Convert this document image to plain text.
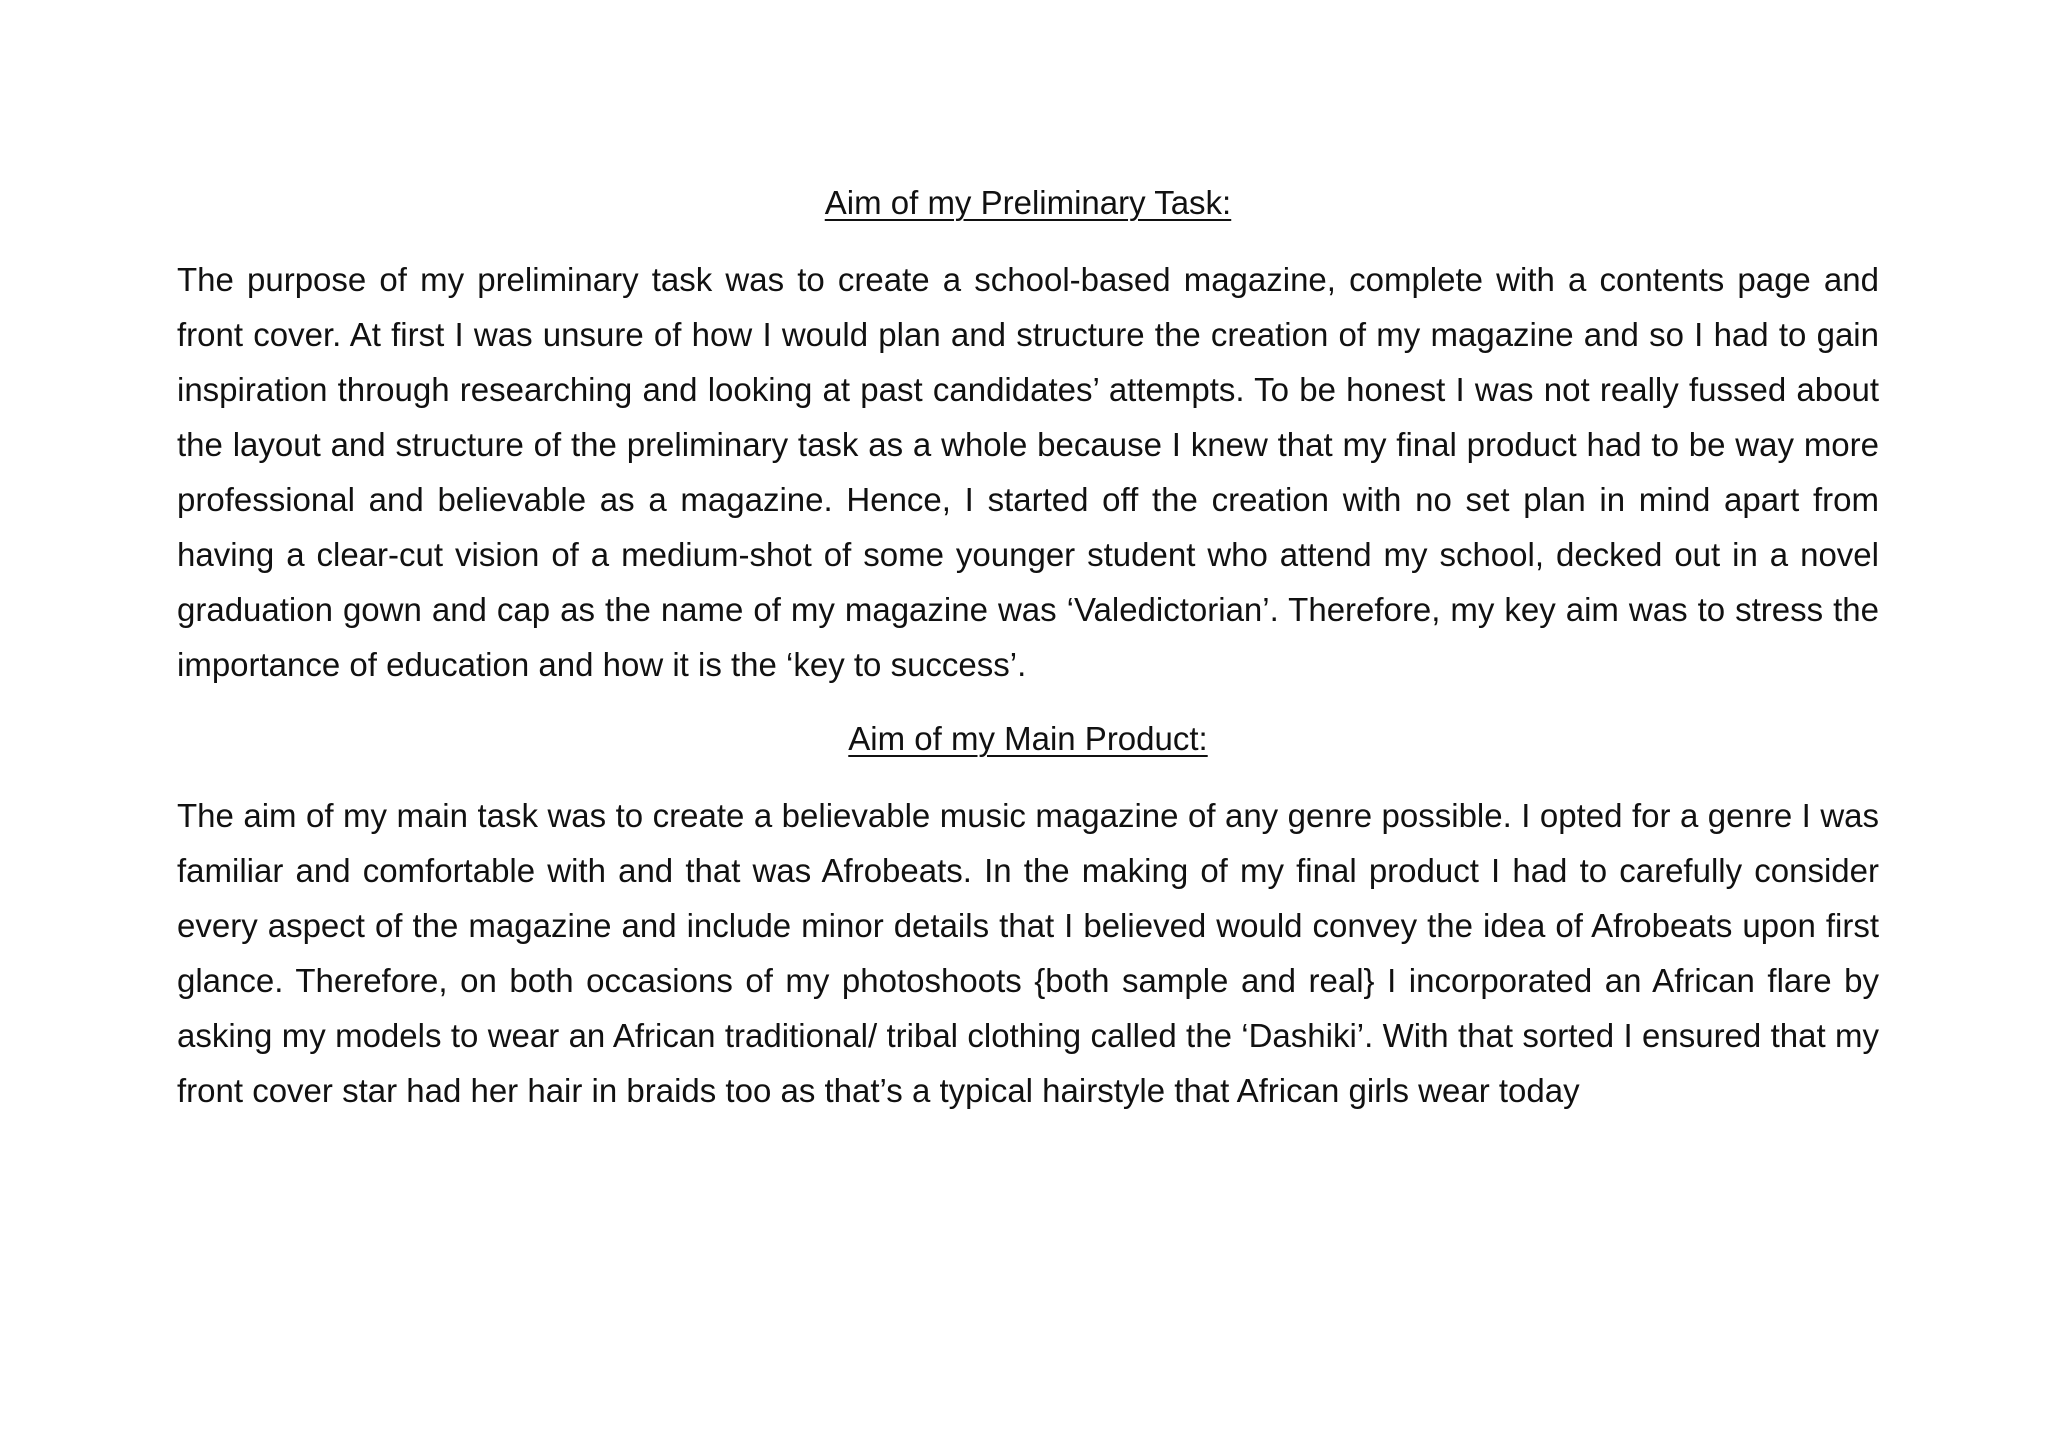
Aim of my Preliminary Task:

The purpose of my preliminary task was to create a school-based magazine, complete with a contents page and front cover. At first I was unsure of how I would plan and structure the creation of my magazine and so I had to gain inspiration through researching and looking at past candidates’ attempts. To be honest I was not really fussed about the layout and structure of the preliminary task as a whole because I knew that my final product had to be way more professional and believable as a magazine. Hence, I started off the creation with no set plan in mind apart from having a clear-cut vision of a medium-shot of some younger student who attend my school, decked out in a novel graduation gown and cap as the name of my magazine was ‘Valedictorian’. Therefore, my key aim was to stress the importance of education and how it is the ‘key to success’.

Aim of my Main Product:

The aim of my main task was to create a believable music magazine of any genre possible. I opted for a genre I was familiar and comfortable with and that was Afrobeats. In the making of my final product I had to carefully consider every aspect of the magazine and include minor details that I believed would convey the idea of Afrobeats upon first glance. Therefore, on both occasions of my photoshoots {both sample and real} I incorporated an African flare by asking my models to wear an African traditional/ tribal clothing called the ‘Dashiki’. With that sorted I ensured that my front cover star had her hair in braids too as that’s a typical hairstyle that African girls wear today
